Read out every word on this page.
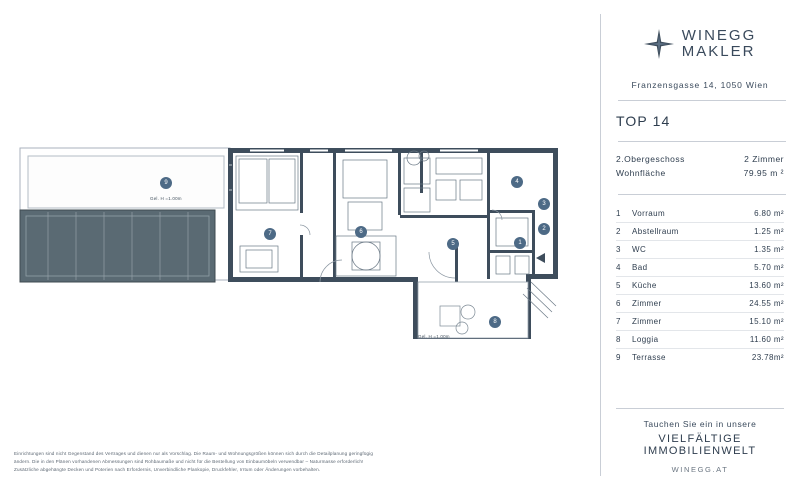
9
7	6
5	1
4
3
2
8
Gel. H =1.00m
Gel. H =1.00m
Einrichtungen sind nicht Gegenstand des Vertrages und dienen nur als Vorschlag. Die Raum- und Wohnungsgrößen können sich durch die Detailplanung geringfügig ändern. Die in den Plänen vorhandenen Abmessungen sind Rohbaumaße und nicht für die Bestellung von Einbaumöbeln verwendbar – Naturmasse erforderlich! Zusätzliche abgehängte Decken und Poterien nach Erfordernis, Unverbindliche Plankopie, Druckfehler, Irrtum oder Änderungen vorbehalten.
WINEGG
MAKLER
Franzensgasse 14, 1050 Wien
TOP 14
2.Obergeschoss	2 Zimmer
Wohnfläche	79.95 m ²
1	Vorraum	6.80 m²
2	Abstellraum	1.25 m²
3	WC	1.35 m²
4	Bad	5.70 m²
5	Küche	13.60 m²
6	Zimmer	24.55 m²
7	Zimmer	15.10 m²
8	Loggia	11.60 m²
9	Terrasse	23.78m²
Tauchen Sie ein in unsere
VIELFÄLTIGE
IMMOBILIENWELT
WINEGG.AT
